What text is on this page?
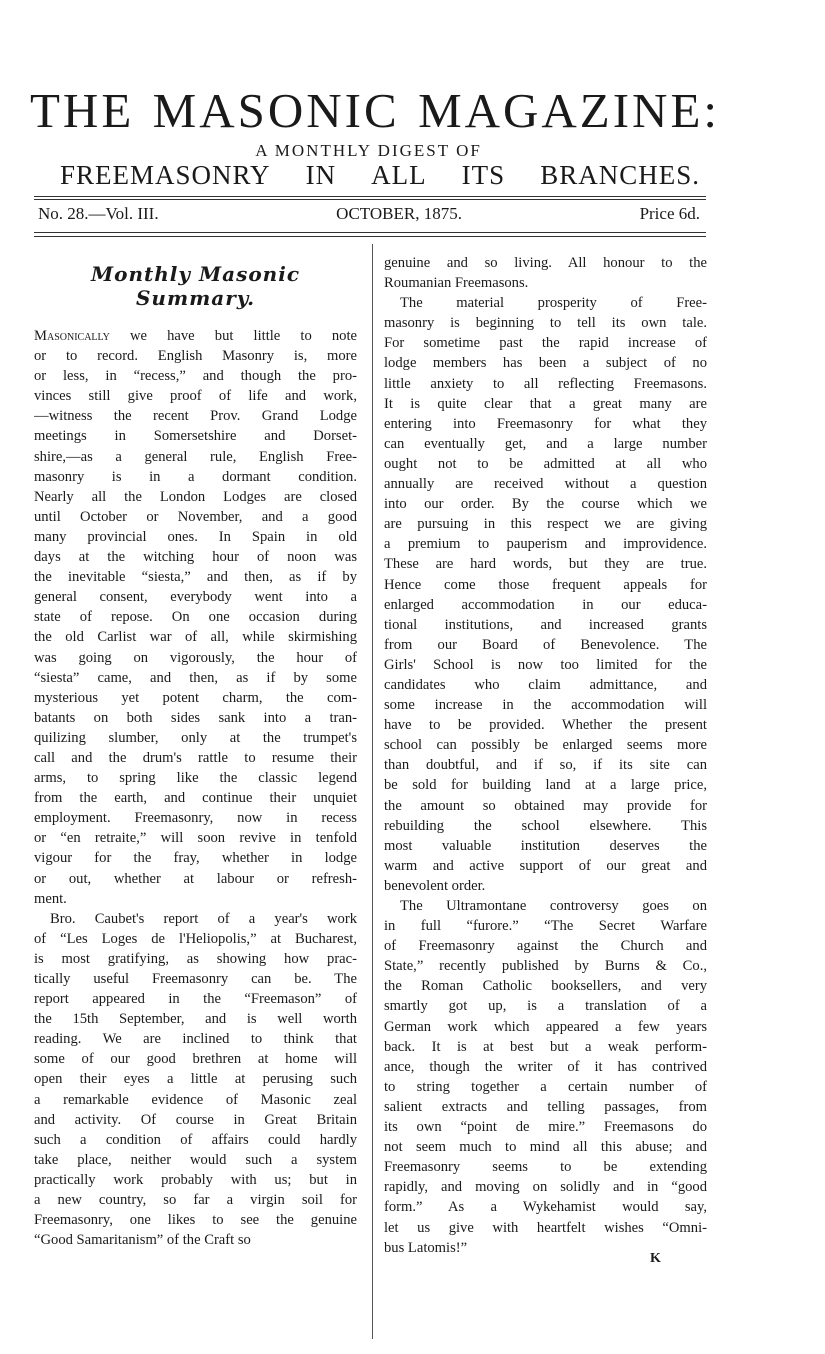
THE MASONIC MAGAZINE:
A MONTHLY DIGEST OF
FREEMASONRY IN ALL ITS BRANCHES.
No. 28.—Vol. III.	OCTOBER, 1875.	Price 6d.
Monthly Masonic Summary.
Masonically we have but little to note
or to record. English Masonry is, more
or less, in “recess,” and though the pro-
vinces still give proof of life and work,
—witness the recent Prov. Grand Lodge
meetings in Somersetshire and Dorset-
shire,—as a general rule, English Free-
masonry is in a dormant condition.
Nearly all the London Lodges are closed
until October or November, and a good
many provincial ones. In Spain in old
days at the witching hour of noon was
the inevitable “siesta,” and then, as if by
general consent, everybody went into a
state of repose. On one occasion during
the old Carlist war of all, while skirmishing
was going on vigorously, the hour of
“siesta” came, and then, as if by some
mysterious yet potent charm, the com-
batants on both sides sank into a tran-
quilizing slumber, only at the trumpet's
call and the drum's rattle to resume their
arms, to spring like the classic legend
from the earth, and continue their unquiet
employment. Freemasonry, now in recess
or “en retraite,” will soon revive in tenfold
vigour for the fray, whether in lodge
or out, whether at labour or refresh-
ment.
Bro. Caubet's report of a year's work
of “Les Loges de l'Heliopolis,” at Bucharest,
is most gratifying, as showing how prac-
tically useful Freemasonry can be. The
report appeared in the “Freemason” of
the 15th September, and is well worth
reading. We are inclined to think that
some of our good brethren at home will
open their eyes a little at perusing such
a remarkable evidence of Masonic zeal
and activity. Of course in Great Britain
such a condition of affairs could hardly
take place, neither would such a system
practically work probably with us; but in
a new country, so far a virgin soil for
Freemasonry, one likes to see the genuine
“Good Samaritanism” of the Craft so
genuine and so living. All honour to the
Roumanian Freemasons.
The material prosperity of Free-
masonry is beginning to tell its own tale.
For sometime past the rapid increase of
lodge members has been a subject of no
little anxiety to all reflecting Freemasons.
It is quite clear that a great many are
entering into Freemasonry for what they
can eventually get, and a large number
ought not to be admitted at all who
annually are received without a question
into our order. By the course which we
are pursuing in this respect we are giving
a premium to pauperism and improvidence.
These are hard words, but they are true.
Hence come those frequent appeals for
enlarged accommodation in our educa-
tional institutions, and increased grants
from our Board of Benevolence. The
Girls' School is now too limited for the
candidates who claim admittance, and
some increase in the accommodation will
have to be provided. Whether the present
school can possibly be enlarged seems more
than doubtful, and if so, if its site can
be sold for building land at a large price,
the amount so obtained may provide for
rebuilding the school elsewhere. This
most valuable institution deserves the
warm and active support of our great and
benevolent order.
The Ultramontane controversy goes on
in full “furore.” “The Secret Warfare
of Freemasonry against the Church and
State,” recently published by Burns & Co.,
the Roman Catholic booksellers, and very
smartly got up, is a translation of a
German work which appeared a few years
back. It is at best but a weak perform-
ance, though the writer of it has contrived
to string together a certain number of
salient extracts and telling passages, from
its own “point de mire.” Freemasons do
not seem much to mind all this abuse; and
Freemasonry seems to be extending
rapidly, and moving on solidly and in “good
form.” As a Wykehamist would say,
let us give with heartfelt wishes “Omni-
bus Latomis!”
K
